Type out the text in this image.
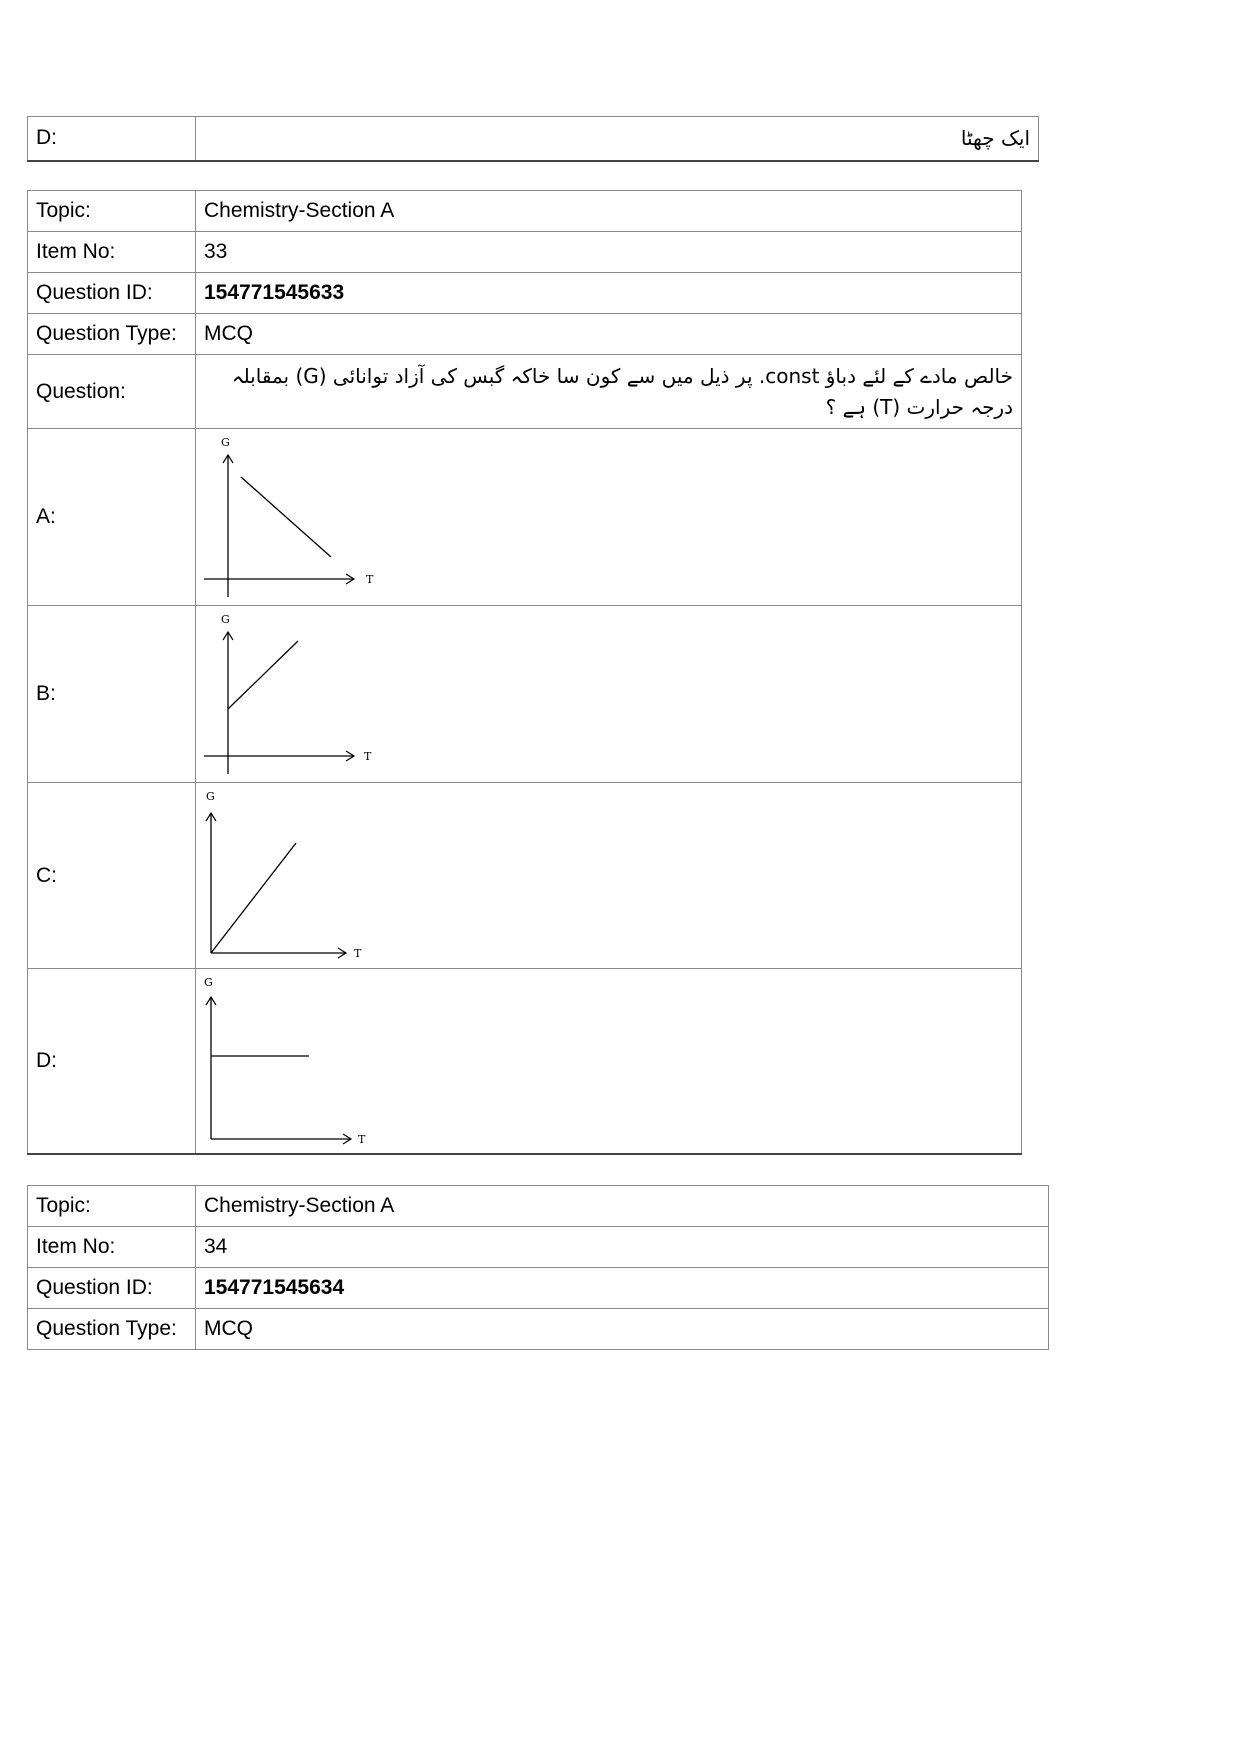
D:	ایک چھٹا
Topic:	Chemistry-Section A
Item No:	33
Question ID:	154771545633
Question Type:	MCQ
Question:	خالص مادے کے لئے دباؤ const. پر ذیل میں سے کون سا خاکہ گبس کی آزاد توانائی (G) بمقابلہ
درجہ حرارت (T) ہے ؟

A:	G
T

B:	G
T

C:	G
T

D:	G
T
Topic:	Chemistry-Section A
Item No:	34
Question ID:	154771545634
Question Type:	MCQ
